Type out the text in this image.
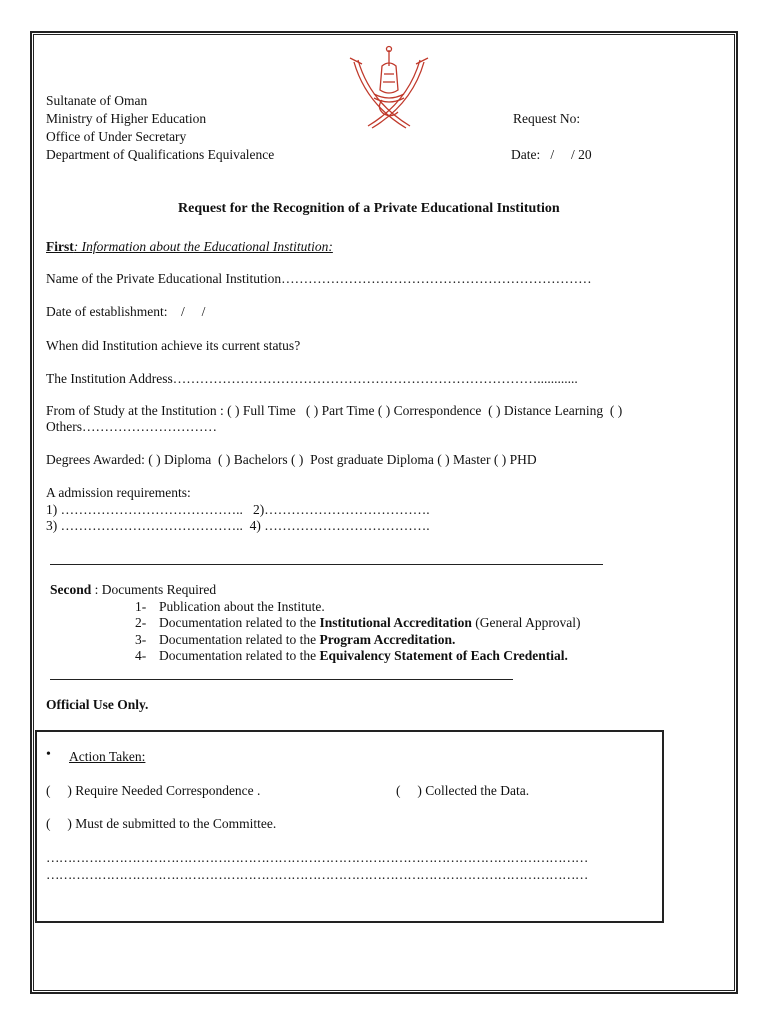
Sultanate of Oman
Ministry of Higher Education
Office of Under Secretary
Department of Qualifications Equivalence
Request No:
Date:   /     / 20
Request for the Recognition of a Private Educational Institution
First: Information about the Educational Institution:
Name of the Private Educational Institution……………………………………………………………
Date of establishment:    /     /
When did Institution achieve its current status?
The Institution Address………………………………………………………………………............
From of Study at the Institution : ( ) Full Time   ( ) Part Time ( ) Correspondence  ( ) Distance Learning  ( )
Others…………………………
Degrees Awarded: ( ) Diploma  ( ) Bachelors ( )  Post graduate Diploma ( ) Master ( ) PHD
A admission requirements:
1) …………………………………..   2)……………………………….
3) …………………………………..  4) ……………………………….
Second : Documents Required
1- Publication about the Institute.
2- Documentation related to the Institutional Accreditation (General Approval)
3- Documentation related to the Program Accreditation.
4- Documentation related to the Equivalency Statement of Each Credential.
Official Use Only.
• Action Taken:
(     ) Require Needed Correspondence .	(     ) Collected the Data.
(     ) Must de submitted to the Committee.
………………………………………………………………………………………………………………
………………………………………………………………………………………………………………
